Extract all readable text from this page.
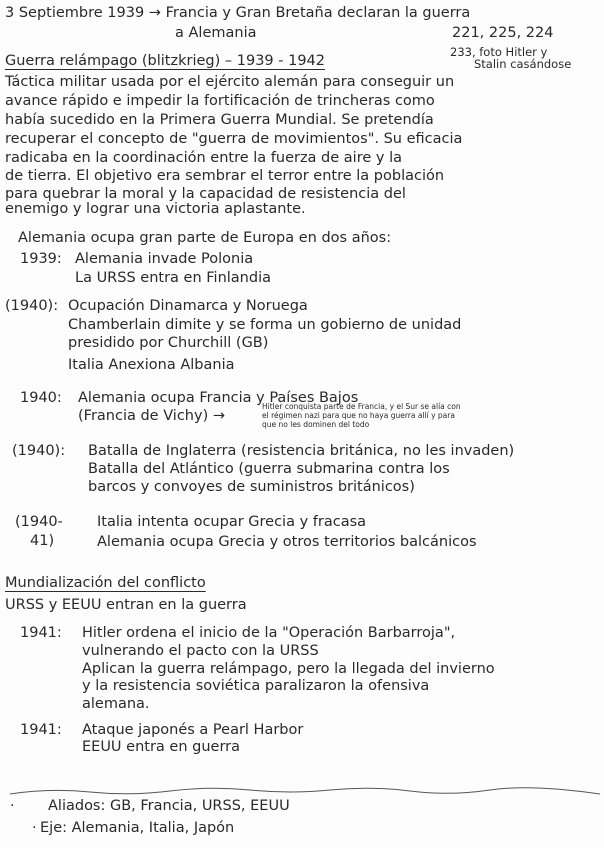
3 Septiembre 1939 → Francia y Gran Bretaña declaran la guerra
a Alemania	221, 225, 224
233, foto Hitler y
Stalin casándose
Guerra relámpago (blitzkrieg) – 1939 - 1942
Táctica militar usada por el ejército alemán para conseguir un
avance rápido e impedir la fortificación de trincheras como
había sucedido en la Primera Guerra Mundial. Se pretendía
recuperar el concepto de "guerra de movimientos". Su eficacia
radicaba en la coordinación entre la fuerza de aire y la
de tierra. El objetivo era sembrar el terror entre la población
para quebrar la moral y la capacidad de resistencia del
enemigo y lograr una victoria aplastante.
Alemania ocupa gran parte de Europa en dos años:
1939: Alemania invade Polonia
La URSS entra en Finlandia
(1940): Ocupación Dinamarca y Noruega
Chamberlain dimite y se forma un gobierno de unidad
presidido por Churchill (GB)
Italia Anexiona Albania
1940: Alemania ocupa Francia y Países Bajos
(Francia de Vichy) →
Hitler conquista parte de Francia, y el Sur se alía con
el régimen nazi para que no haya guerra allí y para
que no les dominen del todo
(1940): Batalla de Inglaterra (resistencia británica, no les invaden)
Batalla del Atlántico (guerra submarina contra los
barcos y convoyes de suministros británicos)
(1940-
41)
Italia intenta ocupar Grecia y fracasa
Alemania ocupa Grecia y otros territorios balcánicos
Mundialización del conflicto
URSS y EEUU entran en la guerra
1941: Hitler ordena el inicio de la "Operación Barbarroja",
vulnerando el pacto con la URSS
Aplican la guerra relámpago, pero la llegada del invierno
y la resistencia soviética paralizaron la ofensiva
alemana.
1941: Ataque japonés a Pearl Harbor
EEUU entra en guerra
· Aliados: GB, Francia, URSS, EEUU
· Eje: Alemania, Italia, Japón
